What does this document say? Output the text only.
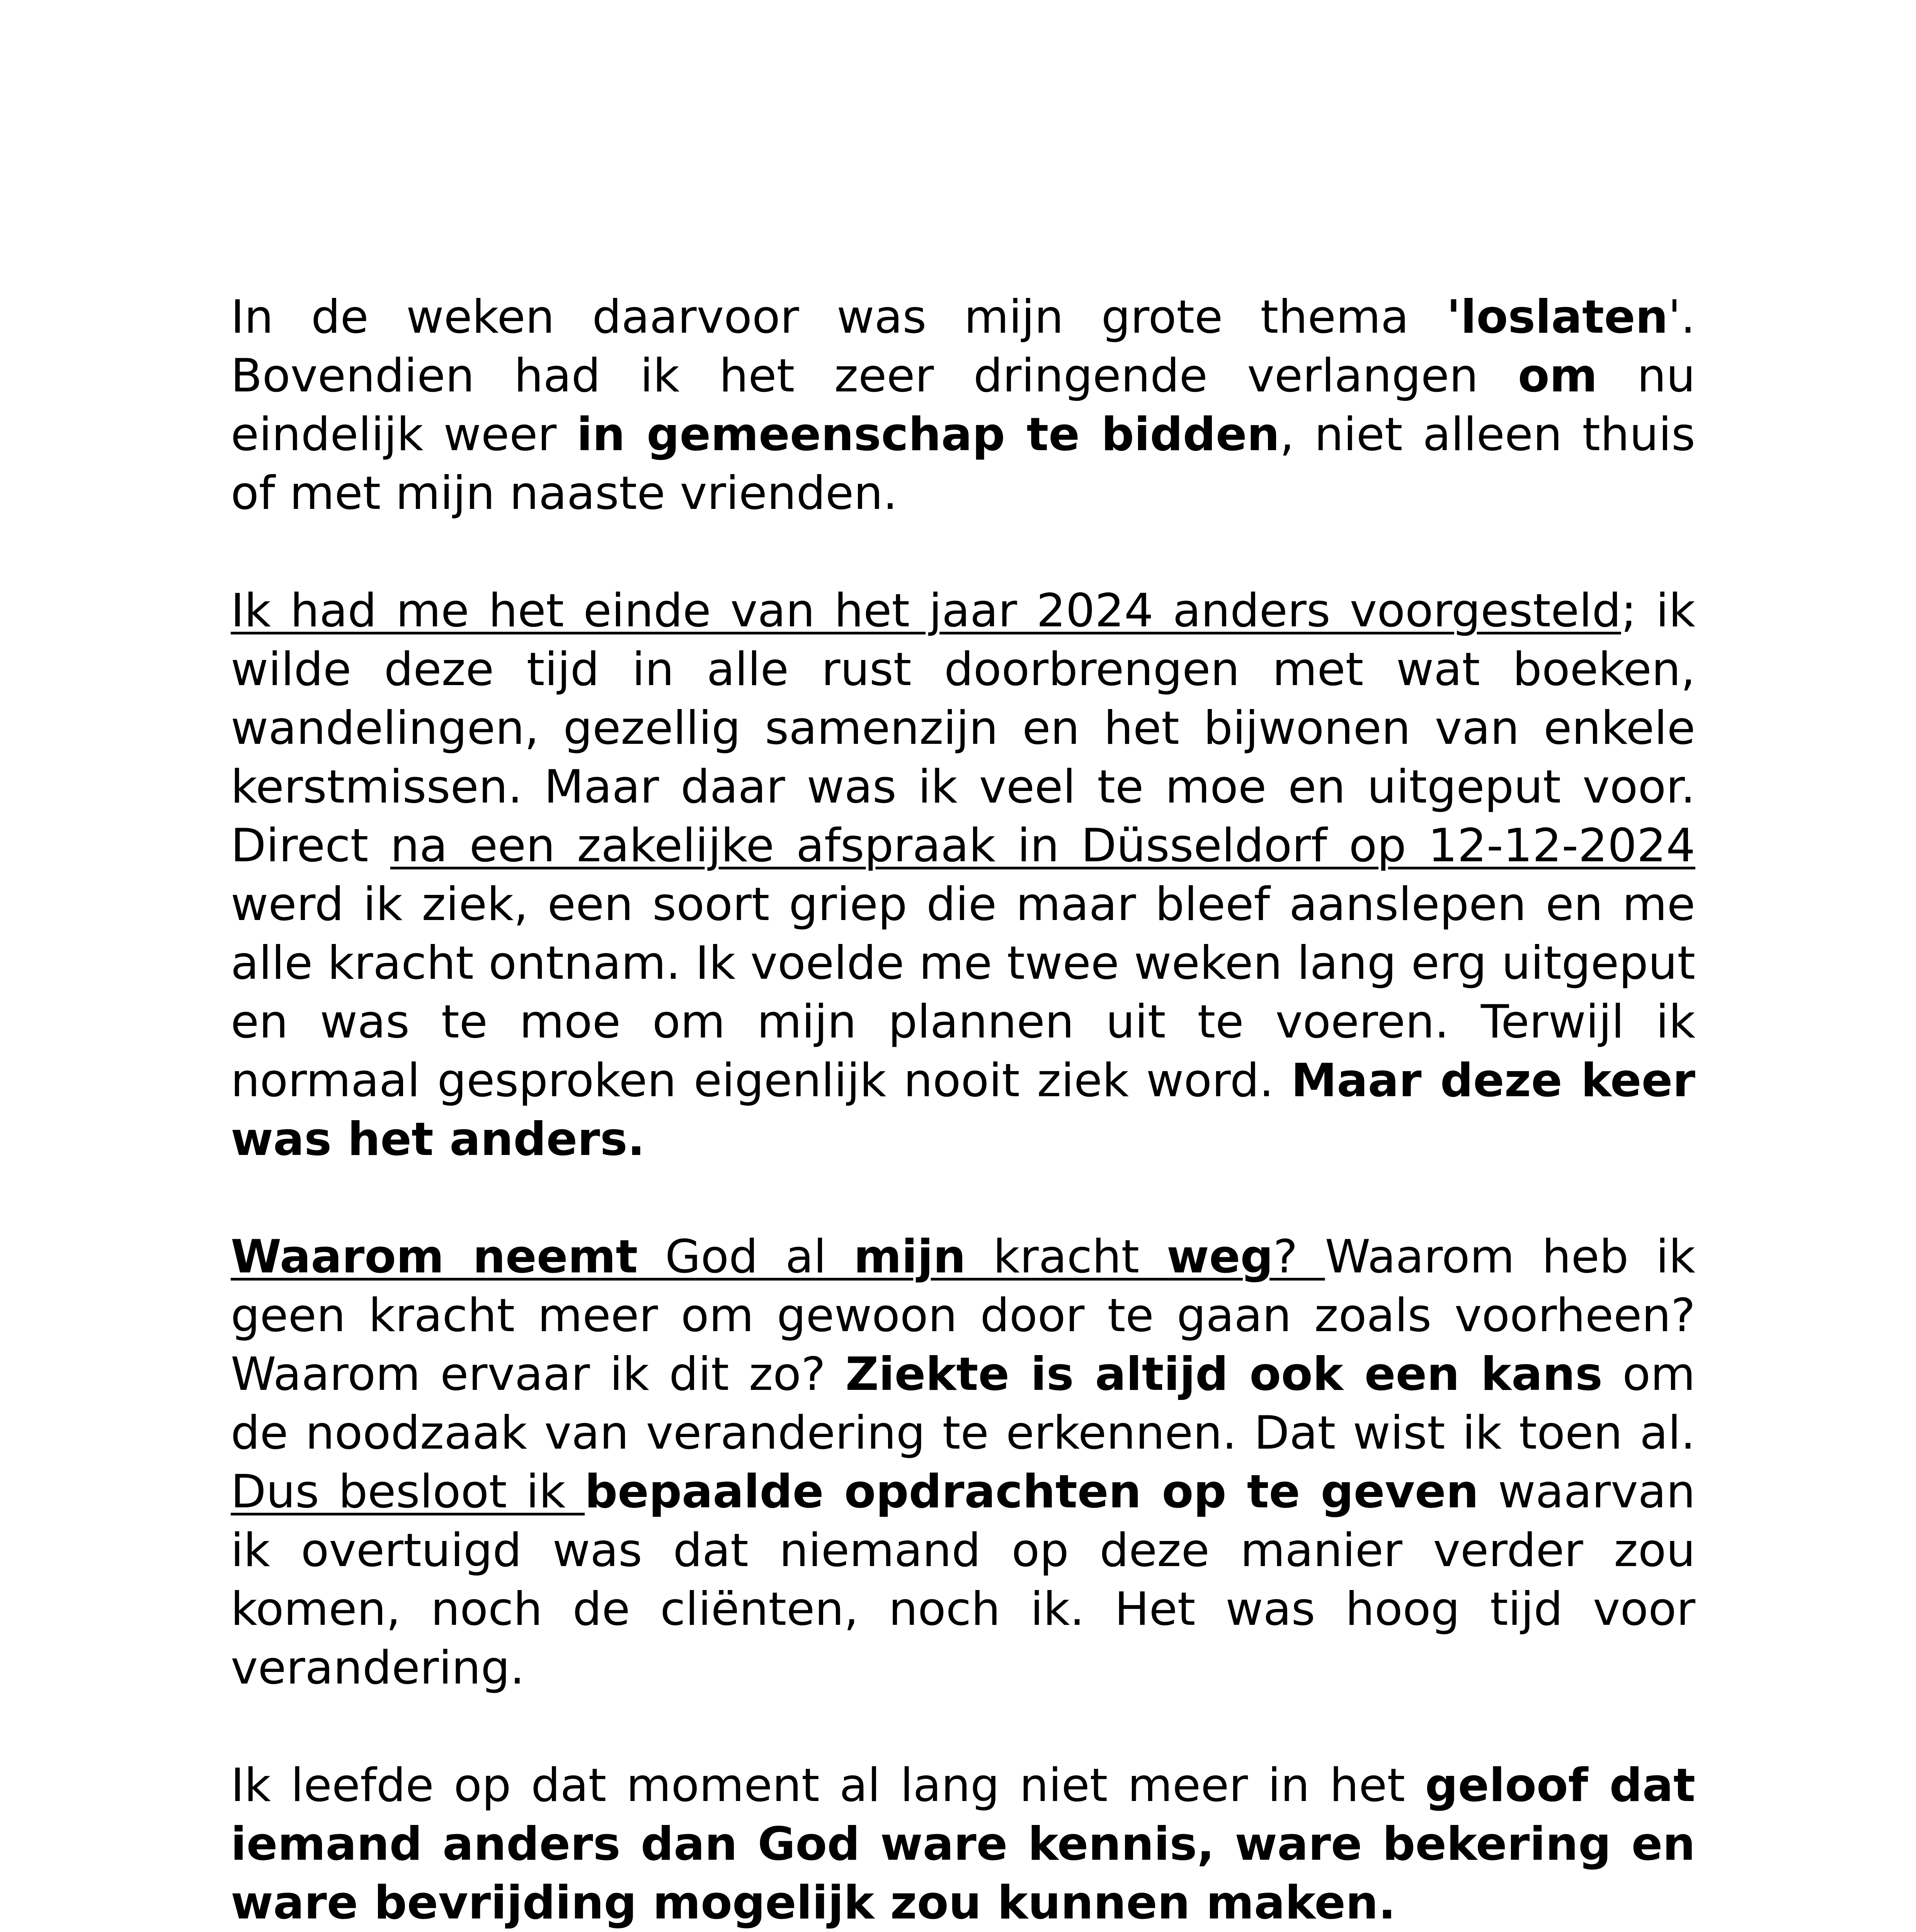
In de weken daarvoor was mijn grote thema 'loslaten'. Bovendien had ik het zeer dringende verlangen om nu eindelijk weer in gemeenschap te bidden, niet alleen thuis of met mijn naaste vrienden.

Ik had me het einde van het jaar 2024 anders voorgesteld; ik wilde deze tijd in alle rust doorbrengen met wat boeken, wandelingen, gezellig samenzijn en het bijwonen van enkele kerstmissen. Maar daar was ik veel te moe en uitgeput voor. Direct na een zakelijke afspraak in Düsseldorf op 12-12-2024 werd ik ziek, een soort griep die maar bleef aanslepen en me alle kracht ontnam. Ik voelde me twee weken lang erg uitgeput en was te moe om mijn plannen uit te voeren. Terwijl ik normaal gesproken eigenlijk nooit ziek word. Maar deze keer was het anders.

Waarom neemt God al mijn kracht weg? Waarom heb ik geen kracht meer om gewoon door te gaan zoals voorheen? Waarom ervaar ik dit zo? Ziekte is altijd ook een kans om de noodzaak van verandering te erkennen. Dat wist ik toen al. Dus besloot ik bepaalde opdrachten op te geven waarvan ik overtuigd was dat niemand op deze manier verder zou komen, noch de cliënten, noch ik. Het was hoog tijd voor verandering.

Ik leefde op dat moment al lang niet meer in het geloof dat iemand anders dan God ware kennis, ware bekering en ware bevrijding mogelijk zou kunnen maken.
